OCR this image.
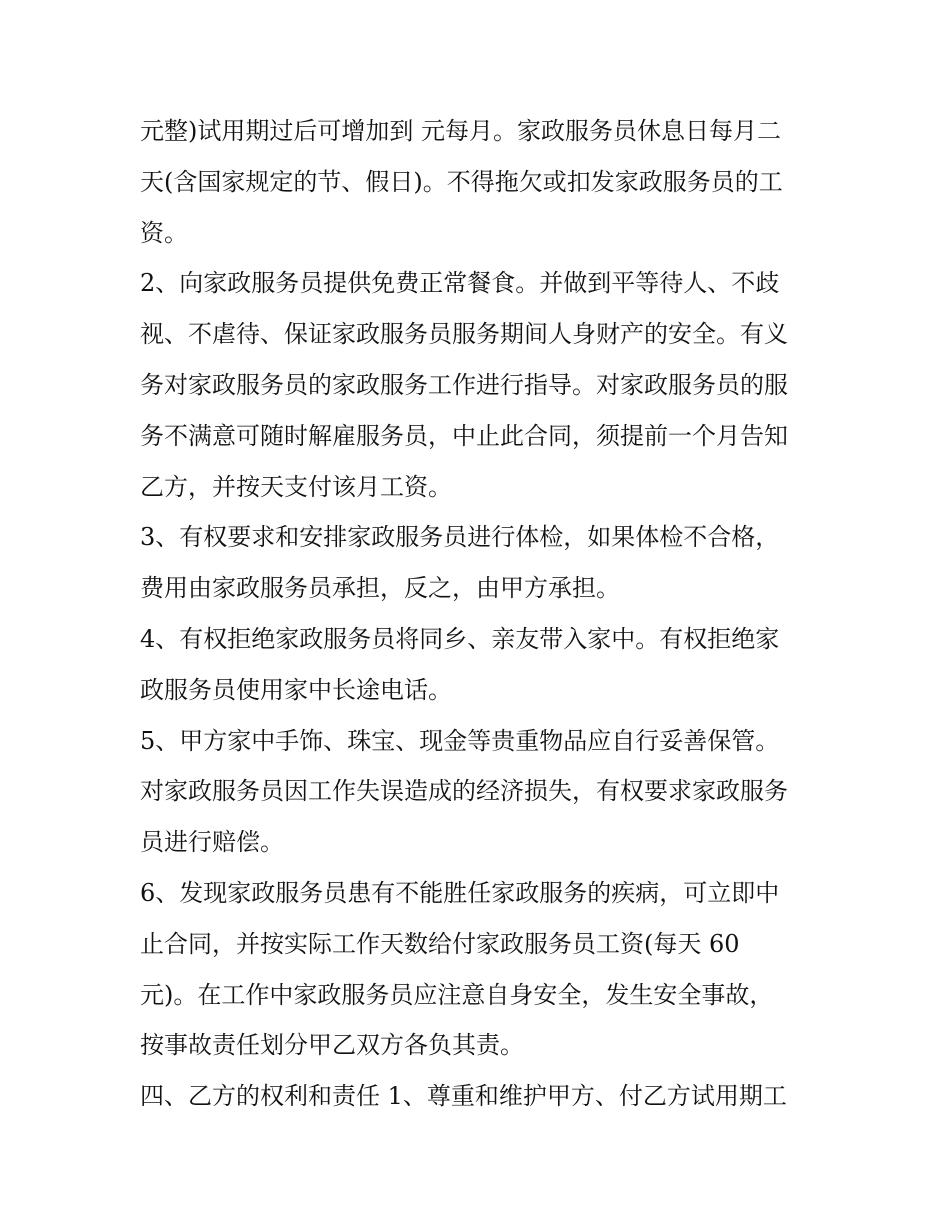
元整)试用期过后可增加到 元每月。家政服务员休息日每月二
天(含国家规定的节、假日)。不得拖欠或扣发家政服务员的工
资。
2、向家政服务员提供免费正常餐食。并做到平等待人、不歧
视、不虐待、保证家政服务员服务期间人身财产的安全。有义
务对家政服务员的家政服务工作进行指导。对家政服务员的服
务不满意可随时解雇服务员，中止此合同，须提前一个月告知
乙方，并按天支付该月工资。
3、有权要求和安排家政服务员进行体检，如果体检不合格，
费用由家政服务员承担，反之，由甲方承担。
4、有权拒绝家政服务员将同乡、亲友带入家中。有权拒绝家
政服务员使用家中长途电话。
5、甲方家中手饰、珠宝、现金等贵重物品应自行妥善保管。
对家政服务员因工作失误造成的经济损失，有权要求家政服务
员进行赔偿。
6、发现家政服务员患有不能胜任家政服务的疾病，可立即中
止合同，并按实际工作天数给付家政服务员工资(每天 60
元)。在工作中家政服务员应注意自身安全，发生安全事故，
按事故责任划分甲乙双方各负其责。
四、乙方的权利和责任 1、尊重和维护甲方、付乙方试用期工
